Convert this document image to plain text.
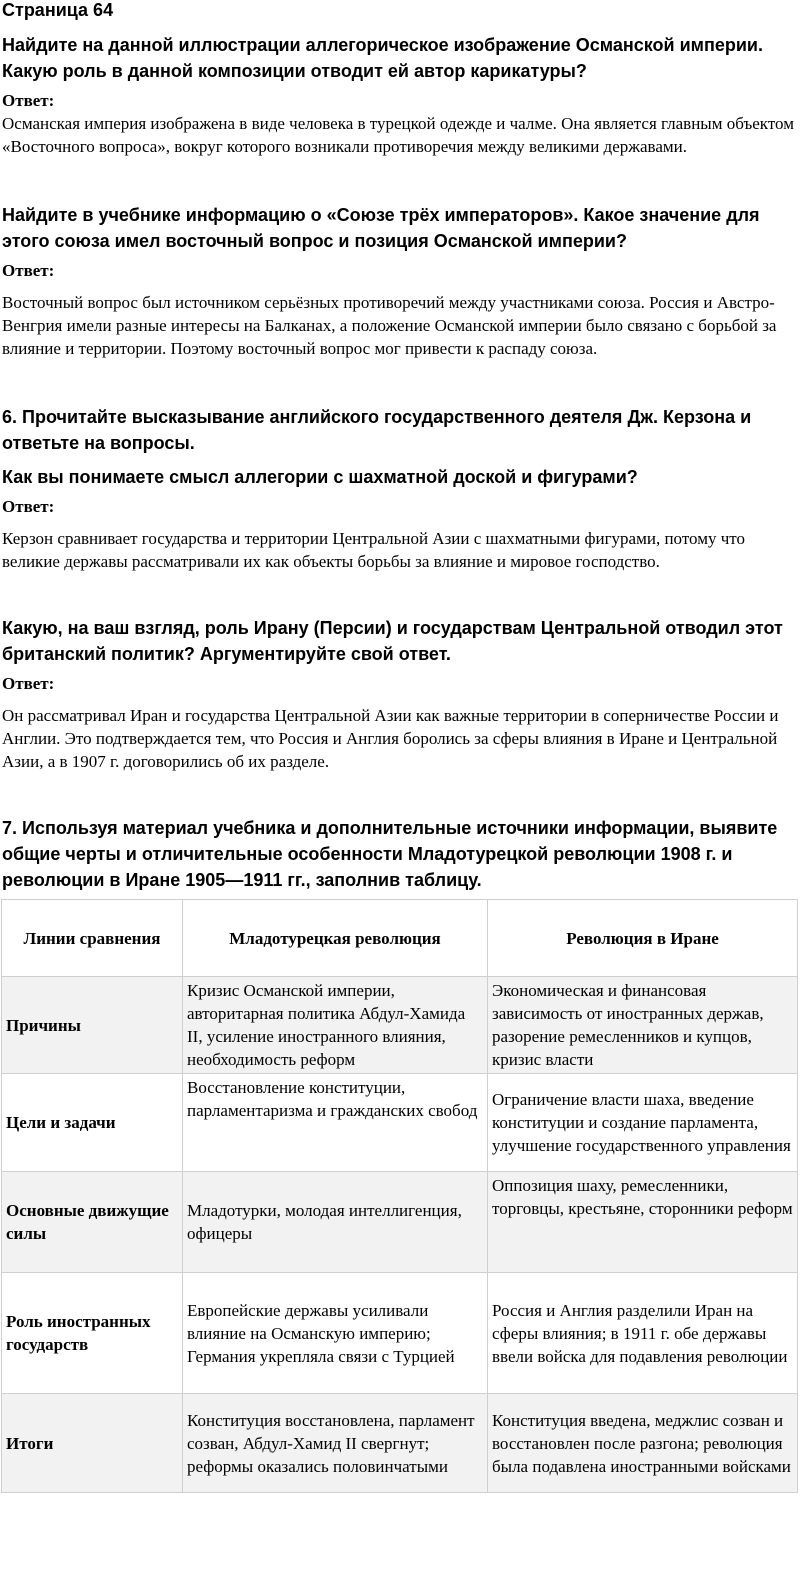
Страница 64

Найдите на данной иллюстрации аллегорическое изображение Османской империи. Какую роль в данной композиции отводит ей автор карикатуры?

Ответ:

Османская империя изображена в виде человека в турецкой одежде и чалме. Она является главным объектом «Восточного вопроса», вокруг которого возникали противоречия между великими державами.

Найдите в учебнике информацию о «Союзе трёх императоров». Какое значение для этого союза имел восточный вопрос и позиция Османской империи?

Ответ:

Восточный вопрос был источником серьёзных противоречий между участниками союза. Россия и Австро-Венгрия имели разные интересы на Балканах, а положение Османской империи было связано с борьбой за влияние и территории. Поэтому восточный вопрос мог привести к распаду союза.

6. Прочитайте высказывание английского государственного деятеля Дж. Керзона и ответьте на вопросы.

Как вы понимаете смысл аллегории с шахматной доской и фигурами?

Ответ:

Керзон сравнивает государства и территории Центральной Азии с шахматными фигурами, потому что великие державы рассматривали их как объекты борьбы за влияние и мировое господство.

Какую, на ваш взгляд, роль Ирану (Персии) и государствам Центральной отводил этот британский политик? Аргументируйте свой ответ.

Ответ:

Он рассматривал Иран и государства Центральной Азии как важные территории в соперничестве России и Англии. Это подтверждается тем, что Россия и Англия боролись за сферы влияния в Иране и Центральной Азии, а в 1907 г. договорились об их разделе.

7. Используя материал учебника и дополнительные источники информации, выявите общие черты и отличительные особенности Младотурецкой революции 1908 г. и революции в Иране 1905—1911 гг., заполнив таблицу.

Линии сравнения	Младотурецкая революция	Революция в Иране
Причины	Кризис Османской империи, авторитарная политика Абдул-Хамида II, усиление иностранного влияния, необходимость реформ	Экономическая и финансовая зависимость от иностранных держав, разорение ремесленников и купцов, кризис власти
Цели и задачи	Восстановление конституции, парламентаризма и гражданских свобод	Ограничение власти шаха, введение конституции и создание парламента, улучшение государственного управления
Основные движущие силы	Младотурки, молодая интеллигенция, офицеры	Оппозиция шаху, ремесленники, торговцы, крестьяне, сторонники реформ
Роль иностранных государств	Европейские державы усиливали влияние на Османскую империю; Германия укрепляла связи с Турцией	Россия и Англия разделили Иран на сферы влияния; в 1911 г. обе державы ввели войска для подавления революции
Итоги	Конституция восстановлена, парламент созван, Абдул-Хамид II свергнут; реформы оказались половинчатыми	Конституция введена, меджлис созван и восстановлен после разгона; революция была подавлена иностранными войсками
